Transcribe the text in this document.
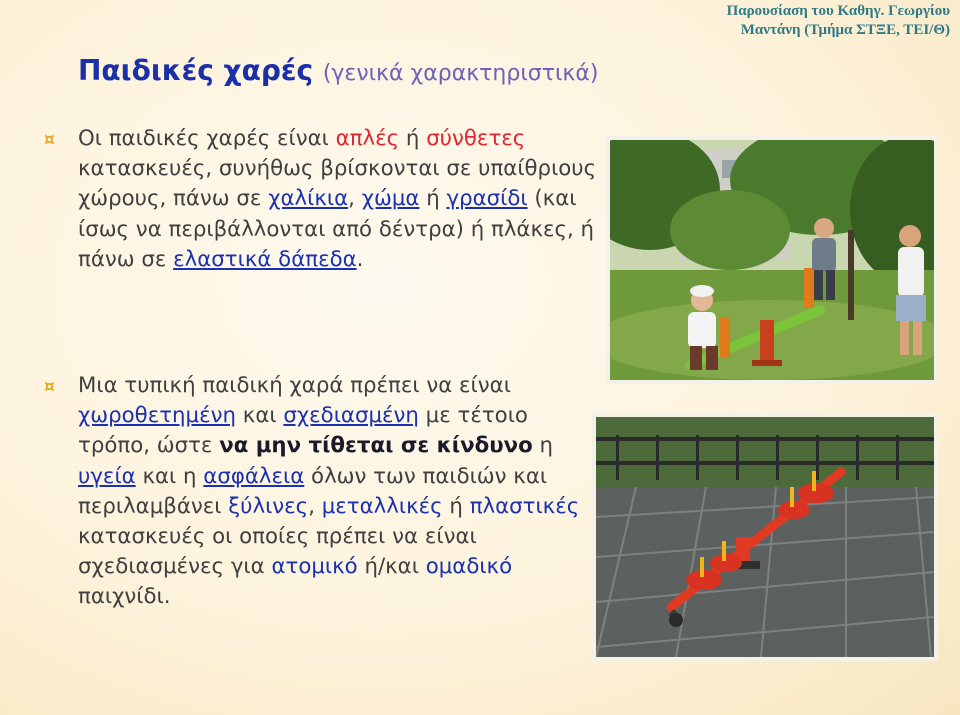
Παρουσίαση του Καθηγ. Γεωργίου
Μαντάνη (Τμήμα ΣΤΞΕ, ΤΕΙ/Θ)
Παιδικές χαρές (γενικά χαρακτηριστικά)
¤ Οι παιδικές χαρές είναι απλές ή σύνθετες κατασκευές, συνήθως βρίσκονται σε υπαίθριους χώρους, πάνω σε χαλίκια, χώμα ή γρασίδι (και ίσως να περιβάλλονται από δέντρα) ή πλάκες, ή πάνω σε ελαστικά δάπεδα.

¤ Μια τυπική παιδική χαρά πρέπει να είναι χωροθετημένη και σχεδιασμένη με τέτοιο τρόπο, ώστε να μην τίθεται σε κίνδυνο η υγεία και η ασφάλεια όλων των παιδιών και περιλαμβάνει ξύλινες, μεταλλικές ή πλαστικές κατασκευές οι οποίες πρέπει να είναι σχεδιασμένες για ατομικό ή/και ομαδικό παιχνίδι.
